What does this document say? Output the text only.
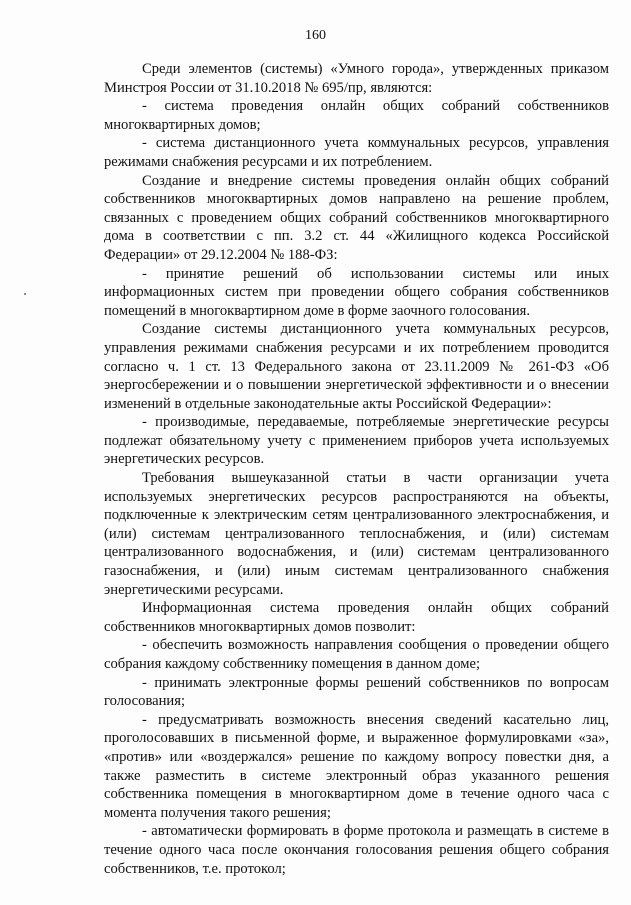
160

Среди элементов (системы) «Умного города», утвержденных приказом Минстроя России от 31.10.2018 № 695/пр, являются:

- система проведения онлайн общих собраний собственников многоквартирных домов;

- система дистанционного учета коммунальных ресурсов, управления режимами снабжения ресурсами и их потреблением.

Создание и внедрение системы проведения онлайн общих собраний собственников многоквартирных домов направлено на решение проблем, связанных с проведением общих собраний собственников многоквартирного дома в соответствии с пп. 3.2 ст. 44 «Жилищного кодекса Российской Федерации» от 29.12.2004 № 188-ФЗ:

- принятие решений об использовании системы или иных информационных систем при проведении общего собрания собственников помещений в многоквартирном доме в форме заочного голосования.

Создание системы дистанционного учета коммунальных ресурсов, управления режимами снабжения ресурсами и их потреблением проводится согласно ч. 1 ст. 13 Федерального закона от 23.11.2009 № 261-ФЗ «Об энергосбережении и о повышении энергетической эффективности и о внесении изменений в отдельные законодательные акты Российской Федерации»:

- производимые, передаваемые, потребляемые энергетические ресурсы подлежат обязательному учету с применением приборов учета используемых энергетических ресурсов.

Требования вышеуказанной статьи в части организации учета используемых энергетических ресурсов распространяются на объекты, подключенные к электрическим сетям централизованного электроснабжения, и (или) системам централизованного теплоснабжения, и (или) системам централизованного водоснабжения, и (или) системам централизованного газоснабжения, и (или) иным системам централизованного снабжения энергетическими ресурсами.

Информационная система проведения онлайн общих собраний собственников многоквартирных домов позволит:

- обеспечить возможность направления сообщения о проведении общего собрания каждому собственнику помещения в данном доме;

- принимать электронные формы решений собственников по вопросам голосования;

- предусматривать возможность внесения сведений касательно лиц, проголосовавших в письменной форме, и выраженное формулировками «за», «против» или «воздержался» решение по каждому вопросу повестки дня, а также разместить в системе электронный образ указанного решения собственника помещения в многоквартирном доме в течение одного часа с момента получения такого решения;

- автоматически формировать в форме протокола и размещать в системе в течение одного часа после окончания голосования решения общего собрания собственников, т.е. протокол;
